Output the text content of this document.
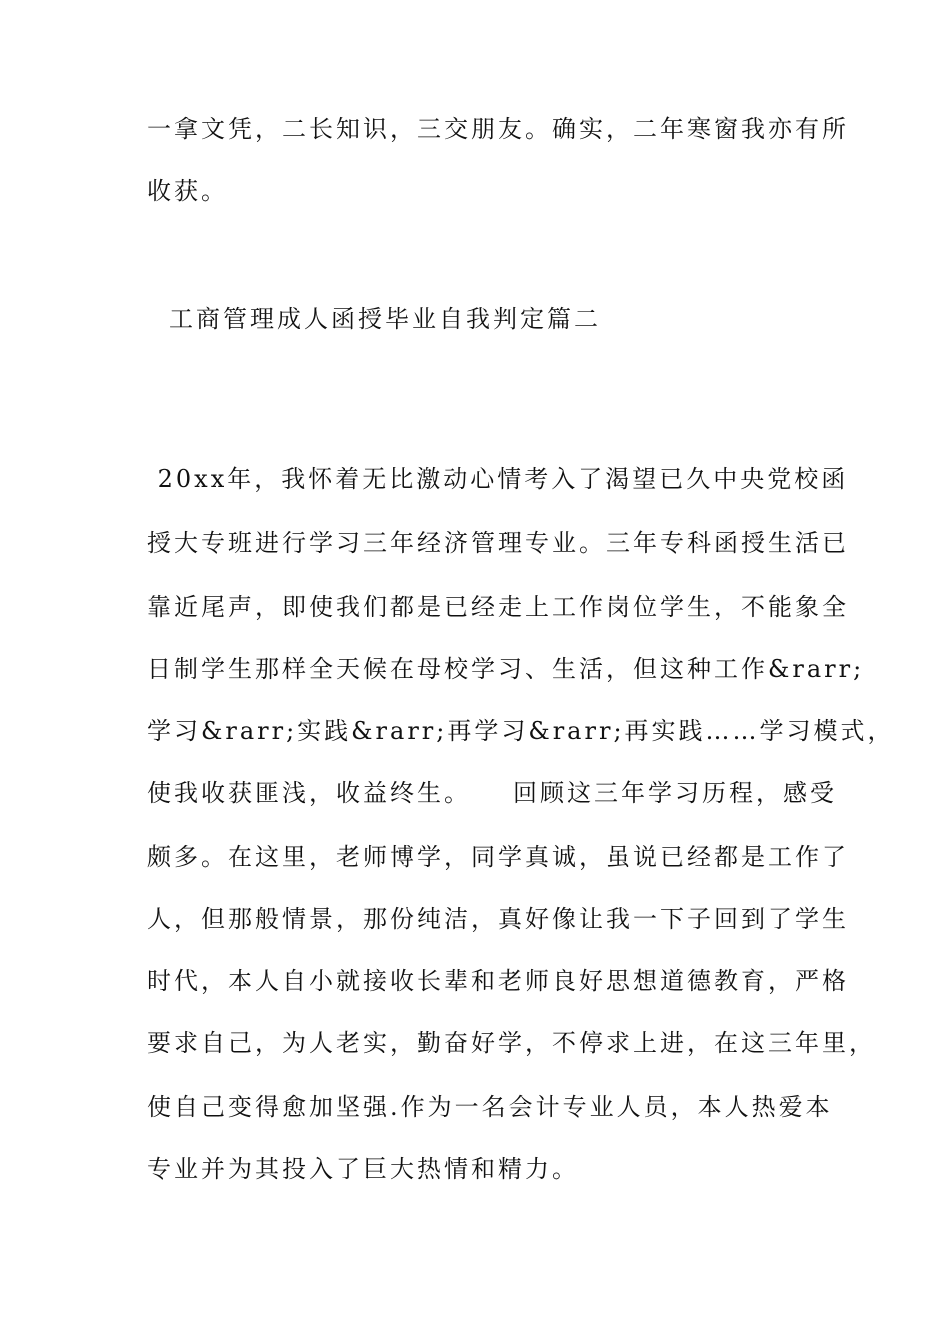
一拿文凭，二长知识，三交朋友。确实，二年寒窗我亦有所
收获。
工商管理成人函授毕业自我判定篇二
20xx年，我怀着无比激动心情考入了渴望已久中央党校函
授大专班进行学习三年经济管理专业。三年专科函授生活已
靠近尾声，即使我们都是已经走上工作岗位学生，不能象全
日制学生那样全天候在母校学习、生活，但这种工作&rarr;
学习&rarr;实践&rarr;再学习&rarr;再实践……学习模式，
使我收获匪浅，收益终生。　　回顾这三年学习历程，感受
颇多。在这里，老师博学，同学真诚，虽说已经都是工作了
人，但那般情景，那份纯洁，真好像让我一下子回到了学生
时代，本人自小就接收长辈和老师良好思想道德教育，严格
要求自己，为人老实，勤奋好学，不停求上进，在这三年里，
使自己变得愈加坚强.作为一名会计专业人员，本人热爱本
专业并为其投入了巨大热情和精力。
